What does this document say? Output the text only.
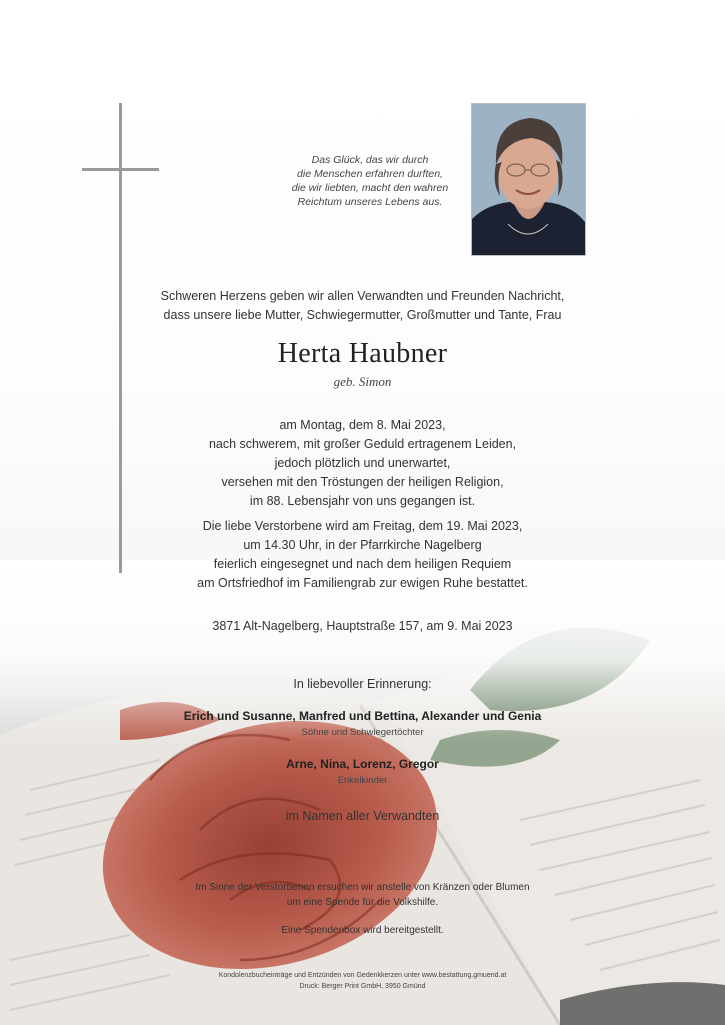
Das Glück, das wir durch
die Menschen erfahren durften,
die wir liebten, macht den wahren
Reichtum unseres Lebens aus.
Schweren Herzens geben wir allen Verwandten und Freunden Nachricht,
dass unsere liebe Mutter, Schwiegermutter, Großmutter und Tante, Frau
Herta Haubner
geb. Simon
am Montag, dem 8. Mai 2023,
nach schwerem, mit großer Geduld ertragenem Leiden,
jedoch plötzlich und unerwartet,
versehen mit den Tröstungen der heiligen Religion,
im 88. Lebensjahr von uns gegangen ist.
Die liebe Verstorbene wird am Freitag, dem 19. Mai 2023,
um 14.30 Uhr, in der Pfarrkirche Nagelberg
feierlich eingesegnet und nach dem heiligen Requiem
am Ortsfriedhof im Familiengrab zur ewigen Ruhe bestattet.
3871 Alt-Nagelberg, Hauptstraße 157, am 9. Mai 2023
In liebevoller Erinnerung:
Erich und Susanne, Manfred und Bettina, Alexander und Genia
Söhne und Schwiegertöchter
Arne, Nina, Lorenz, Gregor
Enkelkinder
im Namen aller Verwandten
Im Sinne der Verstorbenen ersuchen wir anstelle von Kränzen oder Blumen
um eine Spende für die Volkshilfe.
Eine Spendenbox wird bereitgestellt.
Kondolenzbucheinträge und Entzünden von Gedenkkerzen unter www.bestattung.gmuend.at
Druck: Berger Print GmbH, 3950 Gmünd
